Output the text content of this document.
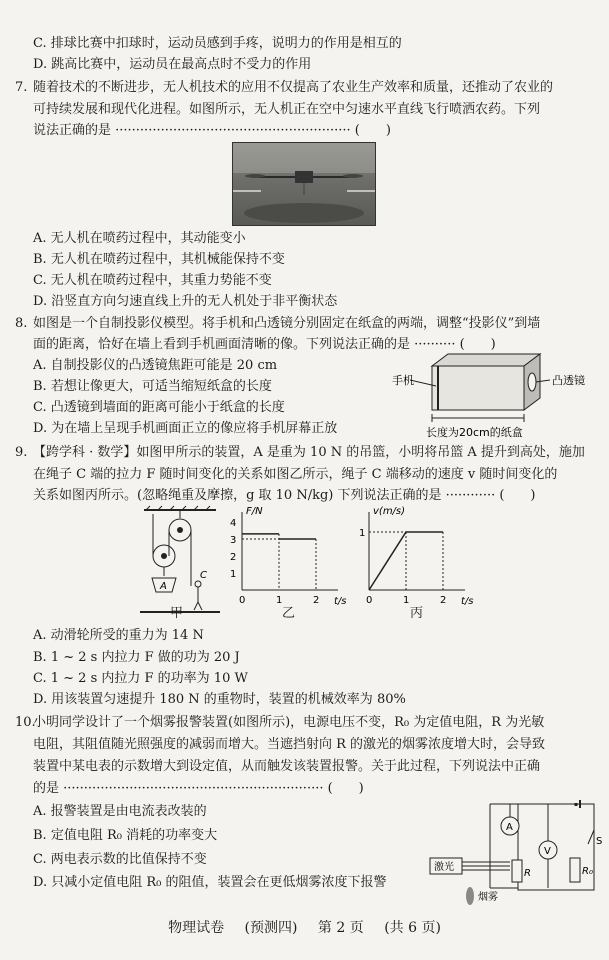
C. 排球比赛中扣球时，运动员感到手疼，说明力的作用是相互的
D. 跳高比赛中，运动员在最高点时不受力的作用
7. 随着技术的不断进步，无人机技术的应用不仅提高了农业生产效率和质量，还推动了农业的
可持续发展和现代化进程。如图所示，无人机正在空中匀速水平直线飞行喷洒农药。下列
说法正确的是 ························································· (　　)
A. 无人机在喷药过程中，其动能变小
B. 无人机在喷药过程中，其机械能保持不变
C. 无人机在喷药过程中，其重力势能不变
D. 沿竖直方向匀速直线上升的无人机处于非平衡状态
8. 如图是一个自制投影仪模型。将手机和凸透镜分别固定在纸盒的两端，调整“投影仪”到墙
面的距离，恰好在墙上看到手机画面清晰的像。下列说法正确的是 ·········· (　　)
A. 自制投影仪的凸透镜焦距可能是 20 cm
B. 若想让像更大，可适当缩短纸盒的长度
C. 凸透镜到墙面的距离可能小于纸盒的长度
D. 为在墙上呈现手机画面正立的像应将手机屏幕正放
手机	凸透镜
长度为20cm的纸盒
9. 【跨学科 · 数学】如图甲所示的装置，A 是重为 10 N 的吊篮，小明将吊篮 A 提升到高处，施加
在绳子 C 端的拉力 F 随时间变化的关系如图乙所示，绳子 C 端移动的速度 v 随时间变化的
关系如图丙所示。(忽略绳重及摩擦，g 取 10 N/kg) 下列说法正确的是 ············ (　　)
A
C
甲
F/N
t/s
4
3
2
1
0	1	2
乙
v(m/s)
t/s
1
0	1	2
丙
A. 动滑轮所受的重力为 14 N
B. 1 ~ 2 s 内拉力 F 做的功为 20 J
C. 1 ~ 2 s 内拉力 F 的功率为 10 W
D. 用该装置匀速提升 180 N 的重物时，装置的机械效率为 80%
10.
小明同学设计了一个烟雾报警装置(如图所示)，电源电压不变，R₀ 为定值电阻，R 为光敏
电阻，其阻值随光照强度的减弱而增大。当遮挡射向 R 的激光的烟雾浓度增大时，会导致
装置中某电表的示数增大到设定值，从而触发该装置报警。关于此过程，下列说法中正确
的是 ······························································· (　　)
A. 报警装置是由电流表改装的
B. 定值电阻 R₀ 消耗的功率变大
C. 两电表示数的比值保持不变
D. 只减小定值电阻 R₀ 的阻值，装置会在更低烟雾浓度下报警
A
V
S
R	R₀
激光
烟雾
物理试卷 (预测四) 第 2 页 (共 6 页)
